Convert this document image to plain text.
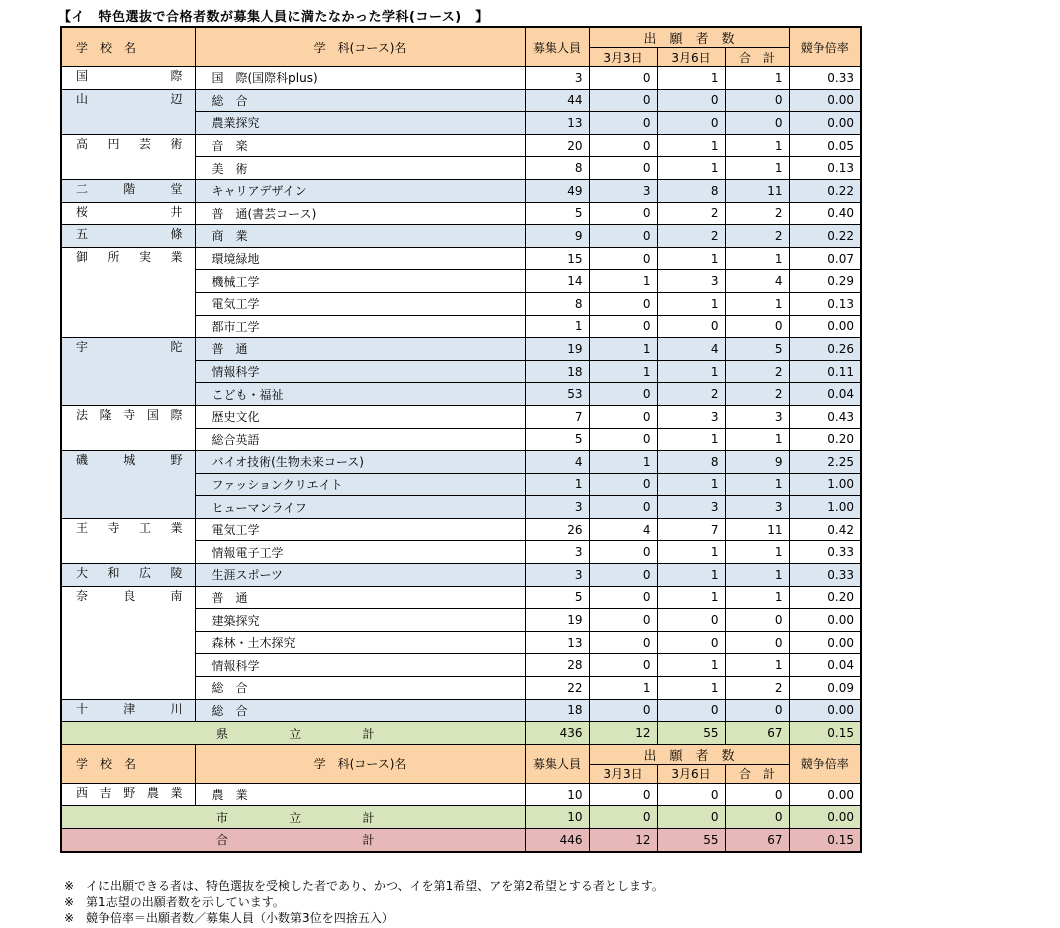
【イ　特色選抜で合格者数が募集人員に満たなかった学科(コース)　】
学　校　名	学　科(コース)名	募集人員	出　願　者　数			競争倍率
			3月3日	3月6日	合　計	

国 際	国　際(国際科plus)	3	0	1	1	0.33

山 辺	総　合	44	0	0	0	0.00
	農業探究	13	0	0	0	0.00

高 円 芸 術	音　楽	20	0	1	1	0.05
	美　術	8	0	1	1	0.13

二 階 堂	キャリアデザイン	49	3	8	11	0.22

桜 井	普　通(書芸コース)	5	0	2	2	0.40

五 條	商　業	9	0	2	2	0.22

御 所 実 業	環境緑地	15	0	1	1	0.07
	機械工学	14	1	3	4	0.29
	電気工学	8	0	1	1	0.13
	都市工学	1	0	0	0	0.00

宇 陀	普　通	19	1	4	5	0.26
	情報科学	18	1	1	2	0.11
	こども・福祉	53	0	2	2	0.04

法 隆 寺 国 際	歴史文化	7	0	3	3	0.43
	総合英語	5	0	1	1	0.20

磯 城 野	バイオ技術(生物未来コース)	4	1	8	9	2.25
	ファッションクリエイト	1	0	1	1	1.00
	ヒューマンライフ	3	0	3	3	1.00

王 寺 工 業	電気工学	26	4	7	11	0.42
	情報電子工学	3	0	1	1	0.33

大 和 広 陵	生涯スポーツ	3	0	1	1	0.33

奈 良 南	普　通	5	0	1	1	0.20
	建築探究	19	0	0	0	0.00
	森林・土木探究	13	0	0	0	0.00
	情報科学	28	0	1	1	0.04
	総　合	22	1	1	2	0.09

十 津 川	総　合	18	0	0	0	0.00

県 立 計		436	12	55	67	0.15
学　校　名	学　科(コース)名	募集人員	出　願　者　数			競争倍率
			3月3日	3月6日	合　計	

西 吉 野 農 業	農　業	10	0	0	0	0.00

市 立 計		10	0	0	0	0.00

合 計		446	12	55	67	0.15
※　イに出願できる者は、特色選抜を受検した者であり、かつ、イを第1希望、アを第2希望とする者とします。
※　第1志望の出願者数を示しています。
※　競争倍率＝出願者数／募集人員（小数第3位を四捨五入）
